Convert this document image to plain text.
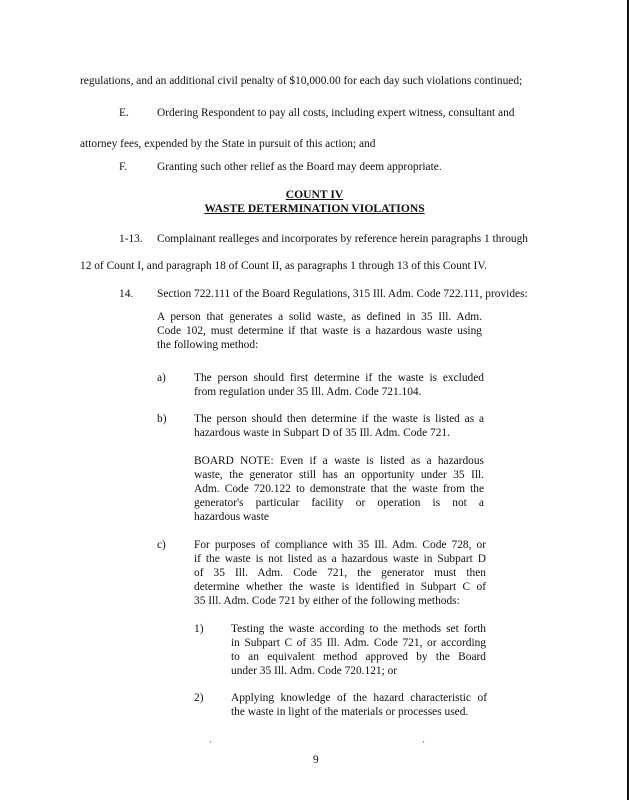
regulations, and an additional civil penalty of $10,000.00 for each day such violations continued;
E. Ordering Respondent to pay all costs, including expert witness, consultant and
attorney fees, expended by the State in pursuit of this action; and
F.	Granting such other relief as the Board may deem appropriate.
COUNT IV
WASTE DETERMINATION VIOLATIONS
1-13. Complainant realleges and incorporates by reference herein paragraphs 1 through
12 of Count I, and paragraph 18 of Count II, as paragraphs 1 through 13 of this Count IV.
14. Section 722.111 of the Board Regulations, 315 Ill. Adm. Code 722.111, provides:
A person that generates a solid waste, as defined in 35 Ill. Adm.
Code 102, must determine if that waste is a hazardous waste using
the following method:
a) The person should first determine if the waste is excluded
from regulation under 35 Ill. Adm. Code 721.104.
b) The person should then determine if the waste is listed as a
hazardous waste in Subpart D of 35 Ill. Adm. Code 721.
BOARD NOTE: Even if a waste is listed as a hazardous
waste, the generator still has an opportunity under 35 Ill.
Adm. Code 720.122 to demonstrate that the waste from the
generator's particular facility or operation is not a
hazardous waste
c) For purposes of compliance with 35 Ill. Adm. Code 728, or
if the waste is not listed as a hazardous waste in Subpart D
of 35 Ill. Adm. Code 721, the generator must then
determine whether the waste is identified in Subpart C of
35 Ill. Adm. Code 721 by either of the following methods:
1) Testing the waste according to the methods set forth
in Subpart C of 35 Ill. Adm. Code 721, or according
to an equivalent method approved by the Board
under 35 Ill. Adm. Code 720.121; or
2) Applying knowledge of the hazard characteristic of
the waste in light of the materials or processes used.
·	·
9
